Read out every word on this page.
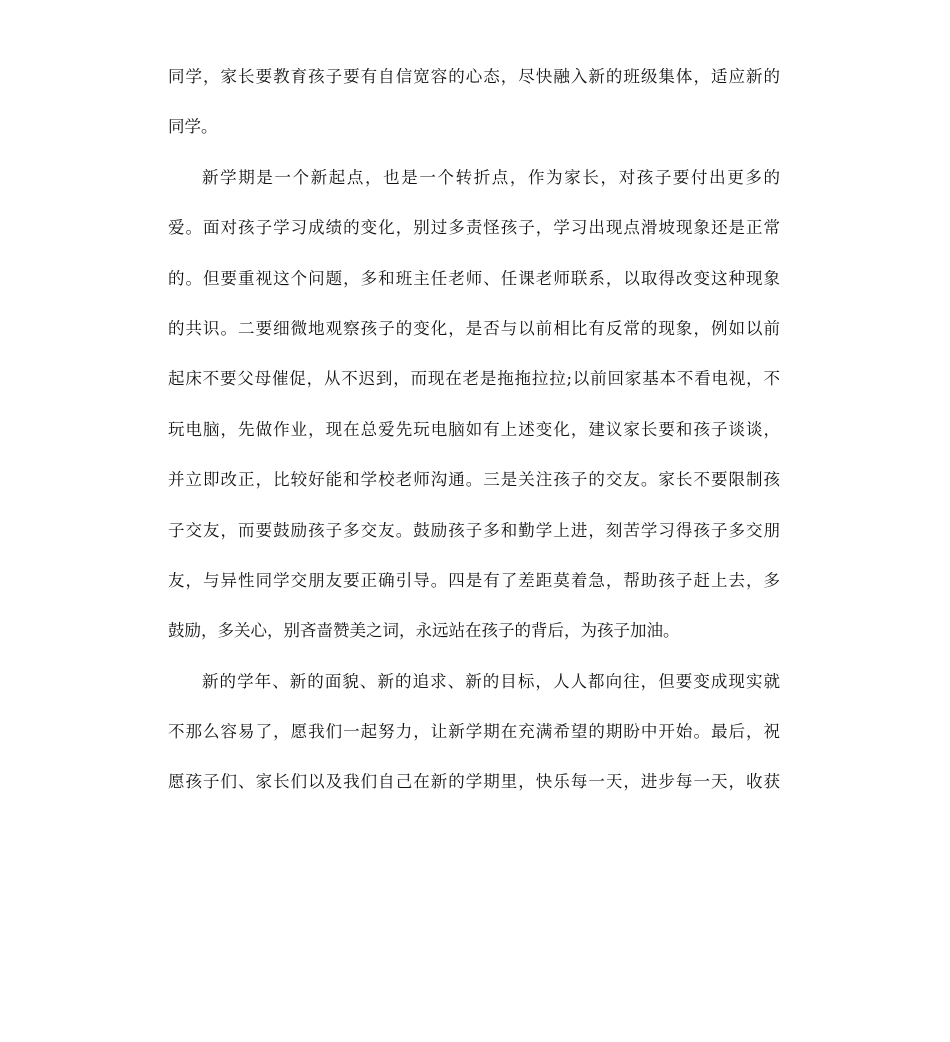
同学，家长要教育孩子要有自信宽容的心态，尽快融入新的班级集体，适应新的
同学。
新学期是一个新起点，也是一个转折点，作为家长，对孩子要付出更多的
爱。面对孩子学习成绩的变化，别过多责怪孩子，学习出现点滑坡现象还是正常
的。但要重视这个问题，多和班主任老师、任课老师联系，以取得改变这种现象
的共识。二要细微地观察孩子的变化，是否与以前相比有反常的现象，例如以前
起床不要父母催促，从不迟到，而现在老是拖拖拉拉;以前回家基本不看电视，不
玩电脑，先做作业，现在总爱先玩电脑如有上述变化，建议家长要和孩子谈谈，
并立即改正，比较好能和学校老师沟通。三是关注孩子的交友。家长不要限制孩
子交友，而要鼓励孩子多交友。鼓励孩子多和勤学上进，刻苦学习得孩子多交朋
友，与异性同学交朋友要正确引导。四是有了差距莫着急，帮助孩子赶上去，多
鼓励，多关心，别吝啬赞美之词，永远站在孩子的背后，为孩子加油。
新的学年、新的面貌、新的追求、新的目标，人人都向往，但要变成现实就
不那么容易了，愿我们一起努力，让新学期在充满希望的期盼中开始。最后，祝
愿孩子们、家长们以及我们自己在新的学期里，快乐每一天，进步每一天，收获
